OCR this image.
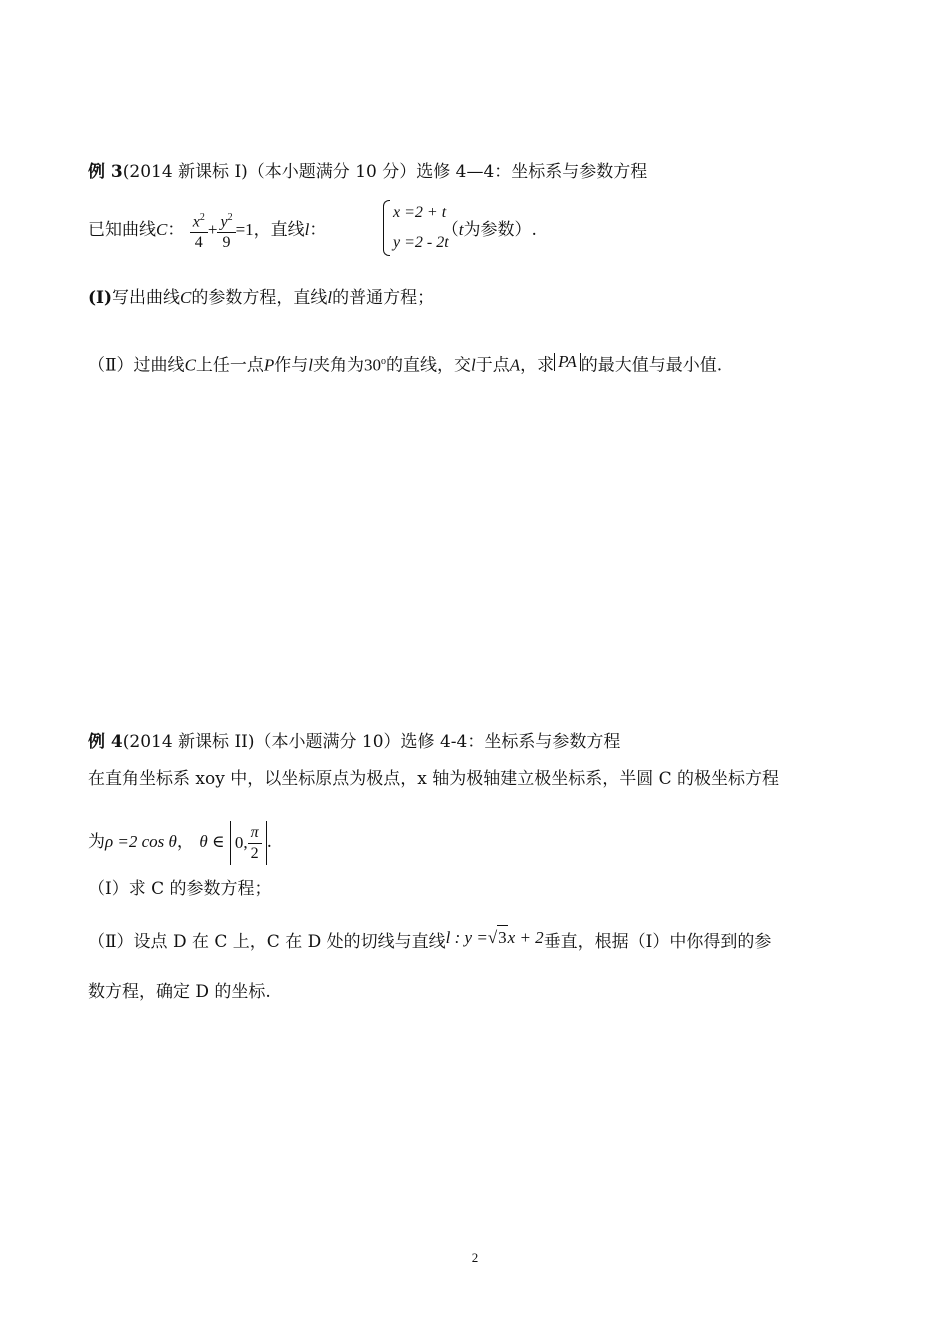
例 3(2014 新课标 I)（本小题满分 10 分）选修 4—4：坐标系与参数方程
已知曲线C： $\frac{x^2}{4} + \frac{y^2}{9} =1$，直线l：	（t为参数）.
x =2 + t
y =2 - 2t
(Ⅰ)写出曲线C的参数方程，直线l的普通方程；
（Ⅱ）过曲线C上任一点P作与l夹角为30$^o$的直线，交l于点A，求 PA 的最大值与最小值.
例 4(2014 新课标 II)（本小题满分 10）选修 4-4：坐标系与参数方程
在直角坐标系 xoy 中，以坐标原点为极点，x 轴为极轴建立极坐标系，半圆 C 的极坐标方程
为ρ =2 cos θ， θ ∈ 0, $\frac{\pi}{2}$ .
（Ⅰ）求 C 的参数方程；
（Ⅱ）设点 D 在 C 上，C 在 D 处的切线与直线l : y =√3x + 2垂直，根据（Ⅰ）中你得到的参
数方程，确定 D 的坐标.
2
